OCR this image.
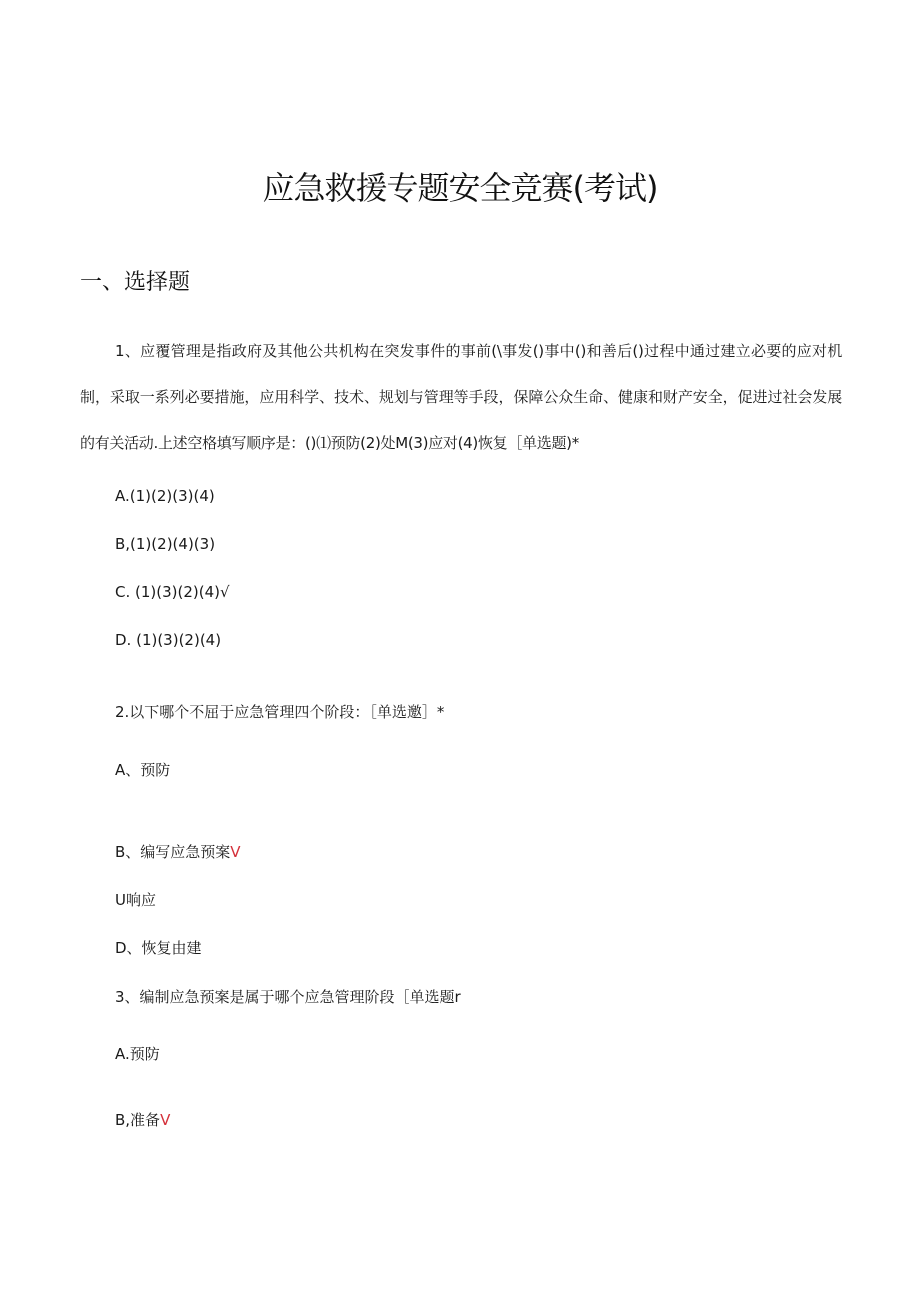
应急救援专题安全竞赛(考试)
一、选择题
1、应覆管理是指政府及其他公共机构在突发事件的事前(\事发()事中()和善后()过程中通过建立必要的应对机制，采取一系列必要措施，应用科学、技术、规划与管理等手段，保障公众生命、健康和财产安全，促进过社会发展的有关活动.上述空格填写顺序是：()⑴预防(2)处M(3)应对(4)恢复［单选题)*
A.(1)(2)(3)(4)
B,(1)(2)(4)(3)
C. (1)(3)(2)(4)√
D. (1)(3)(2)(4)
2.以下哪个不屈于应急管理四个阶段：［单选邀］*
A、预防
B、编写应急预案V
U响应
D、恢复由建
3、编制应急预案是属于哪个应急管理阶段［单选题r
A.预防
B,准备V
